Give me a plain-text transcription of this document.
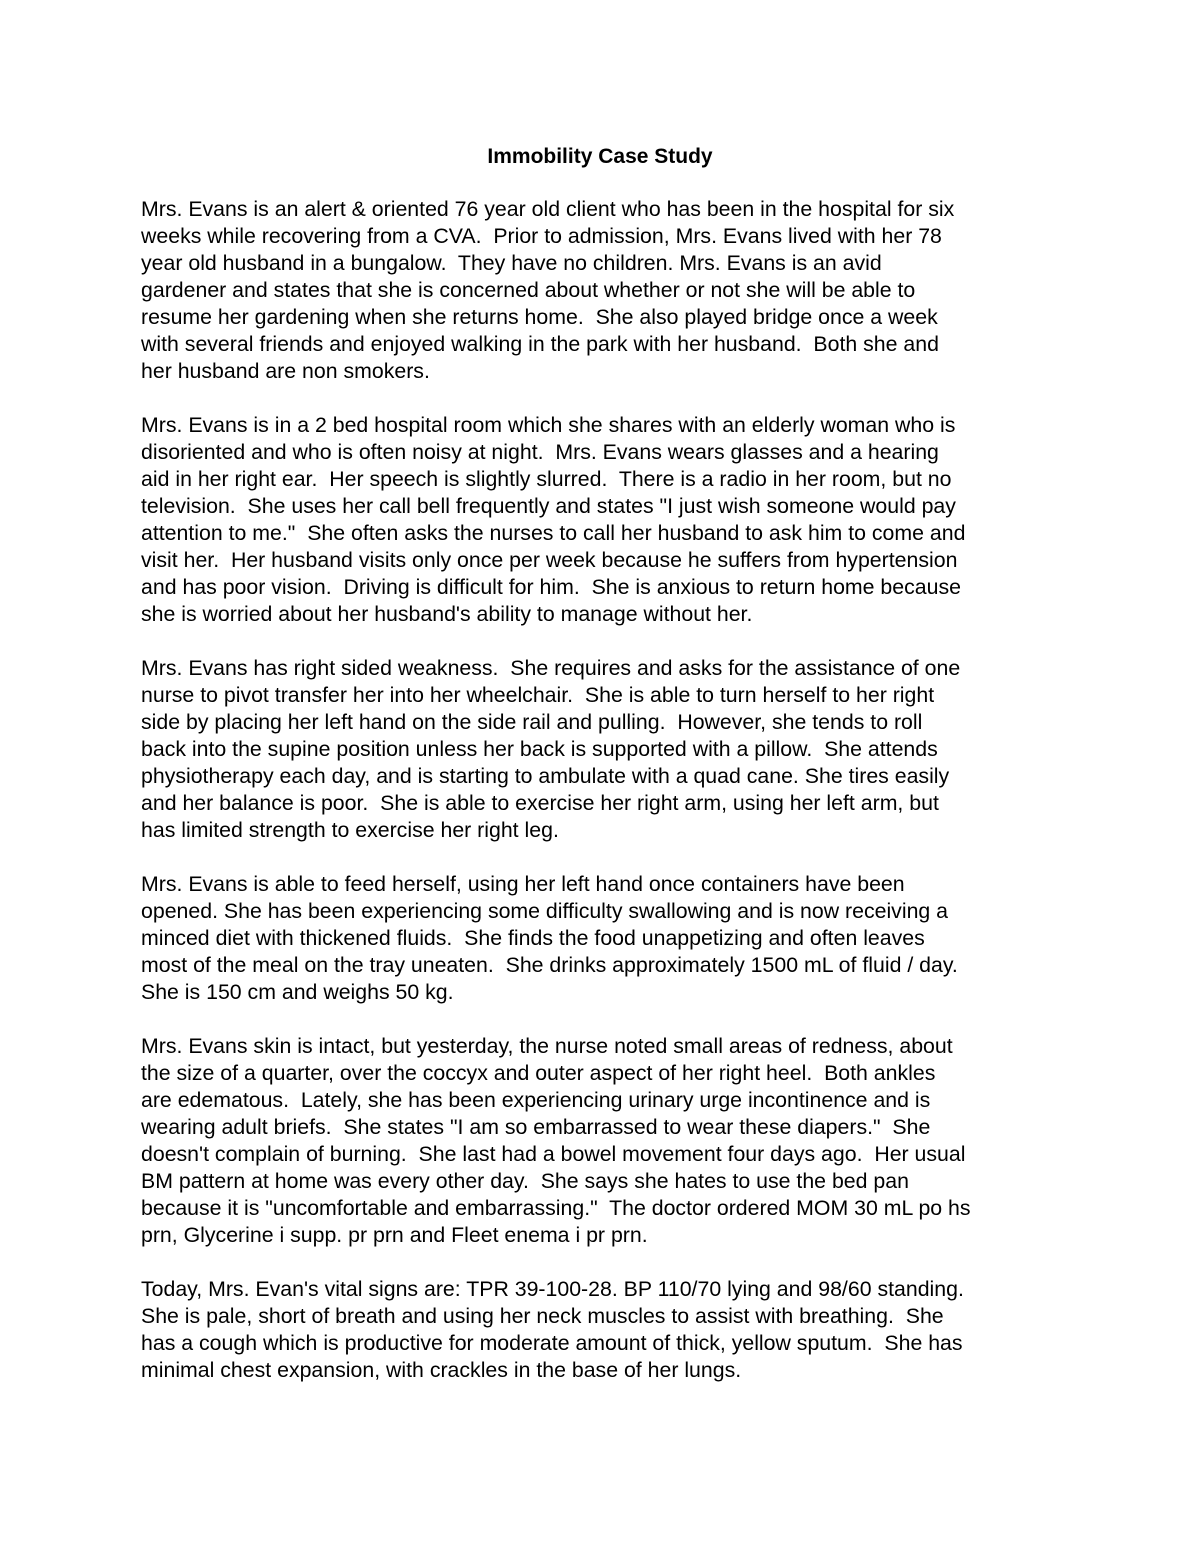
Immobility Case Study
Mrs. Evans is an alert & oriented 76 year old client who has been in the hospital for six
weeks while recovering from a CVA.  Prior to admission, Mrs. Evans lived with her 78
year old husband in a bungalow.  They have no children. Mrs. Evans is an avid
gardener and states that she is concerned about whether or not she will be able to
resume her gardening when she returns home.  She also played bridge once a week
with several friends and enjoyed walking in the park with her husband.  Both she and
her husband are non smokers.
Mrs. Evans is in a 2 bed hospital room which she shares with an elderly woman who is
disoriented and who is often noisy at night.  Mrs. Evans wears glasses and a hearing
aid in her right ear.  Her speech is slightly slurred.  There is a radio in her room, but no
television.  She uses her call bell frequently and states "I just wish someone would pay
attention to me."  She often asks the nurses to call her husband to ask him to come and
visit her.  Her husband visits only once per week because he suffers from hypertension
and has poor vision.  Driving is difficult for him.  She is anxious to return home because
she is worried about her husband's ability to manage without her.
Mrs. Evans has right sided weakness.  She requires and asks for the assistance of one
nurse to pivot transfer her into her wheelchair.  She is able to turn herself to her right
side by placing her left hand on the side rail and pulling.  However, she tends to roll
back into the supine position unless her back is supported with a pillow.  She attends
physiotherapy each day, and is starting to ambulate with a quad cane. She tires easily
and her balance is poor.  She is able to exercise her right arm, using her left arm, but
has limited strength to exercise her right leg.
Mrs. Evans is able to feed herself, using her left hand once containers have been
opened. She has been experiencing some difficulty swallowing and is now receiving a
minced diet with thickened fluids.  She finds the food unappetizing and often leaves
most of the meal on the tray uneaten.  She drinks approximately 1500 mL of fluid / day.
She is 150 cm and weighs 50 kg.
Mrs. Evans skin is intact, but yesterday, the nurse noted small areas of redness, about
the size of a quarter, over the coccyx and outer aspect of her right heel.  Both ankles
are edematous.  Lately, she has been experiencing urinary urge incontinence and is
wearing adult briefs.  She states "I am so embarrassed to wear these diapers."  She
doesn't complain of burning.  She last had a bowel movement four days ago.  Her usual
BM pattern at home was every other day.  She says she hates to use the bed pan
because it is "uncomfortable and embarrassing."  The doctor ordered MOM 30 mL po hs
prn, Glycerine i supp. pr prn and Fleet enema i pr prn.
Today, Mrs. Evan's vital signs are: TPR 39-100-28. BP 110/70 lying and 98/60 standing.
She is pale, short of breath and using her neck muscles to assist with breathing.  She
has a cough which is productive for moderate amount of thick, yellow sputum.  She has
minimal chest expansion, with crackles in the base of her lungs.
